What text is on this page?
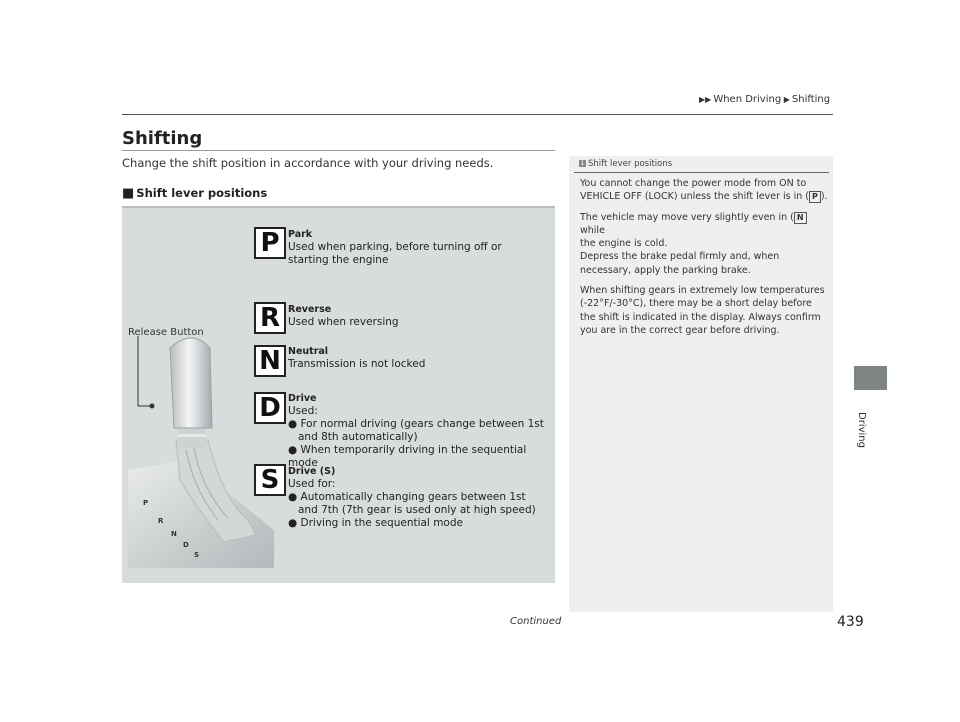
▶▶ When Driving ▶ Shifting
Shifting
Change the shift position in accordance with your driving needs.
■ Shift lever positions
P
R
N
D
S
Release Button
P Park
Used when parking, before turning off or
starting the engine
R Reverse
Used when reversing
N Neutral
Transmission is not locked
D Drive
Used:
● For normal driving (gears change between 1st
and 8th automatically)
● When temporarily driving in the sequential mode
S Drive (S)
Used for:
● Automatically changing gears between 1st
and 7th (7th gear is used only at high speed)
● Driving in the sequential mode
1 Shift lever positions

You cannot change the power mode from ON to
VEHICLE OFF (LOCK) unless the shift lever is in ( P ).

The vehicle may move very slightly even in ( N while
the engine is cold.

Depress the brake pedal firmly and, when necessary, apply the parking brake.

When shifting gears in extremely low temperatures (-22°F/-30°C), there may be a short delay before the shift is indicated in the display. Always confirm you are in the correct gear before driving.

Driving
Continued	439
